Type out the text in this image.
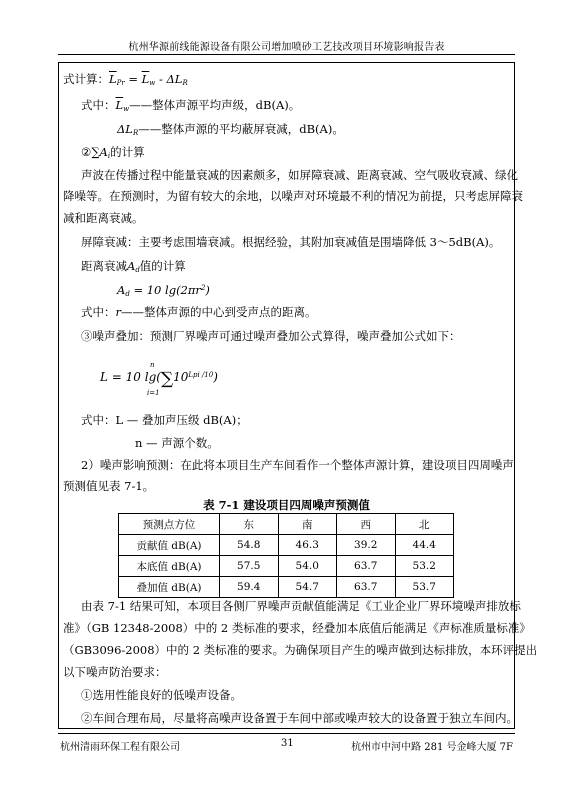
杭州华源前线能源设备有限公司增加喷砂工艺技改项目环境影响报告表
式计算：$\overline{L}_{Pr} = \overline{L}_w - \Delta L_R$
式中：$\overline{L}_w——$整体声源平均声级，dB(A)。
$\Delta L_R——$整体声源的平均蔽屏衰减，dB(A)。
$②\sum A_i$的计算
声波在传播过程中能量衰减的因素颇多，如屏障衰减、距离衰减、空气吸收衰减、绿化
降噪等。在预测时，为留有较大的余地，以噪声对环境最不利的情况为前提，只考虑屏障衰
减和距离衰减。
屏障衰减：主要考虑围墙衰减。根据经验，其附加衰减值是围墙降低 3～5dB(A)。
距离衰减$A_d$值的计算
$A_d = 10$ $\lg(2\pi r^2)$
式中：r——整体声源的中心到受声点的距离。
③噪声叠加：预测厂界噪声可通过噪声叠加公式算得，噪声叠加公式如下：
L = 10 $\lg(\sum 10^{Lpi /10})$
n
i=1
式中：L — 叠加声压级 dB(A)；
n — 声源个数。
2）噪声影响预测：在此将本项目生产车间看作一个整体声源计算，建设项目四周噪声
预测值见表 7-1。
表 7-1 建设项目四周噪声预测值
预测点方位	东	南	西	北
贡献值 dB(A)	54.8	46.3	39.2	44.4
本底值 dB(A)	57.5	54.0	63.7	53.2
叠加值 dB(A)	59.4	54.7	63.7	53.7
由表 7-1 结果可知，本项目各侧厂界噪声贡献值能满足《工业企业厂界环境噪声排放标
准》（GB 12348-2008）中的 2 类标准的要求，经叠加本底值后能满足《声标准质量标准》
（GB3096-2008）中的 2 类标准的要求。为确保项目产生的噪声做到达标排放，本环评提出
以下噪声防治要求：
①选用性能良好的低噪声设备。
②车间合理布局，尽量将高噪声设备置于车间中部或噪声较大的设备置于独立车间内。
杭州清雨环保工程有限公司	31	杭州市中河中路 281 号金峰大厦 7F
